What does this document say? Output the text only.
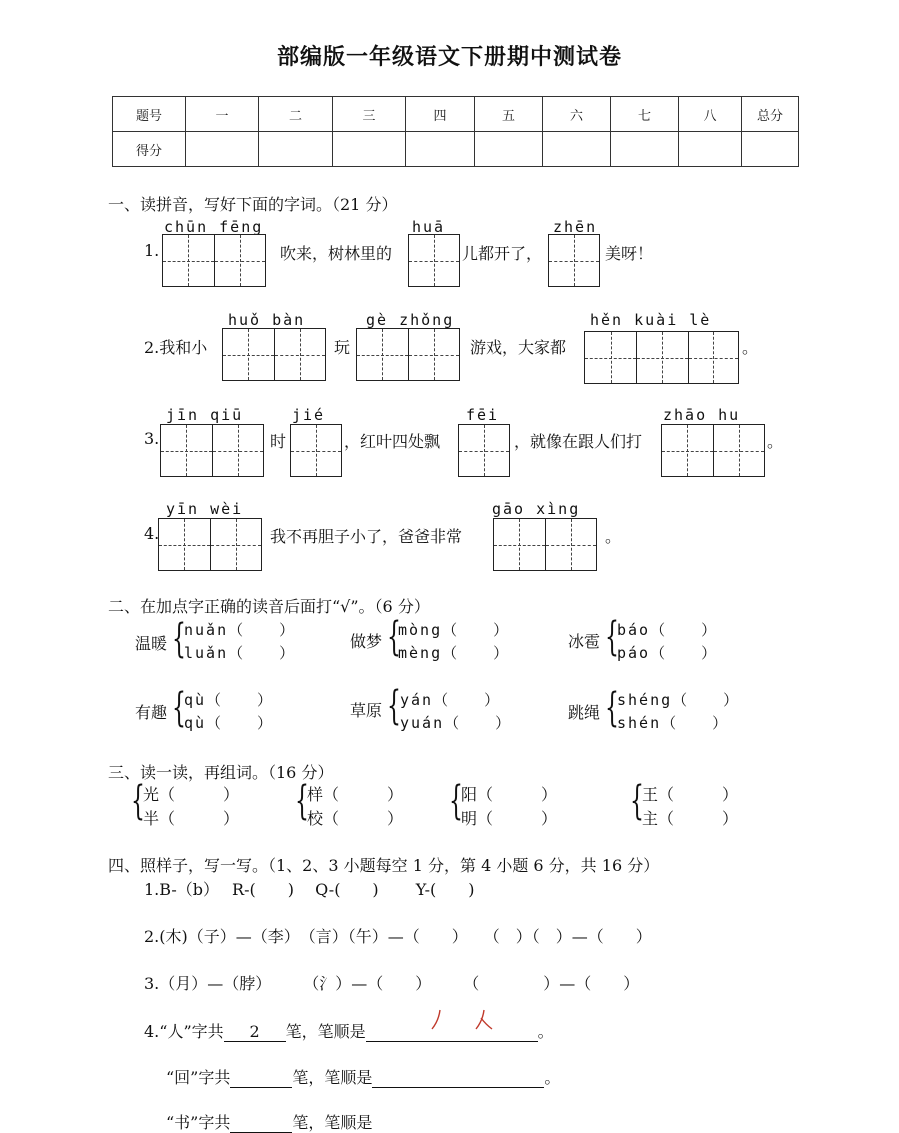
部编版一年级语文下册期中测试卷
题号	一	二	三	四	五	六	七	八	总分
得分									
一、读拼音，写好下面的字词。（21 分）
chūn fēng	huā	zhēn
1.	吹来，树林里的	儿都开了，	美呀！
huǒ bàn	gè zhǒng	hěn kuài lè
2.我和小	玩	游戏，大家都	。
jīn qiū	jié	fēi	zhāo hu
3.	时	，红叶四处飘	，就像在跟人们打	。
yīn wèi	gāo xìng
4.	我不再胆子小了，爸爸非常	。
二、在加点字正确的读音后面打“√”。（6 分）
温暖 {
nuǎn（　　）
luǎn（　　）
做梦 {
mòng（　　）
mèng（　　）
冰雹 {
báo（　　）
páo（　　）
有趣 {
qù（　　）
qù（　　）
草原 { yán（　　）
yuán（　　）
跳绳 {
shéng（　　）
shén（　　）
三、读一读，再组词。（16 分）
{
光（　　　）
半（　　　） {
样（　　　）
校（　　　） {
阳（　　　）
明（　　　） {
王（　　　）
主（　　　）
四、照样子，写一写。（1、2、3 小题每空 1 分，第 4 小题 6 分，共 16 分）
1.B-（b）　 R-(　　)　 Q-(　　)　　 Y-(　　)
2.(木)（子）—（李）　（言）（午）—（　　）　　（　）（　）—（　　）
3.（月）—（脖）　　　（氵）—（　　）　　　（　　　　）—（　　）
4.“人”字共 2 笔，笔顺是	。
“回”字共	笔，笔顺是	。
“书”字共	笔，笔顺是
